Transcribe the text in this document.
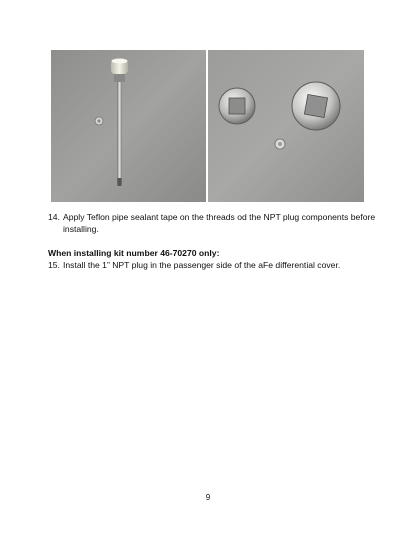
14. Apply Teflon pipe sealant tape on the threads od the NPT plug components before installing.
When installing kit number 46-70270 only:
15. Install the 1” NPT plug in the passenger side of the aFe differential cover.
9
